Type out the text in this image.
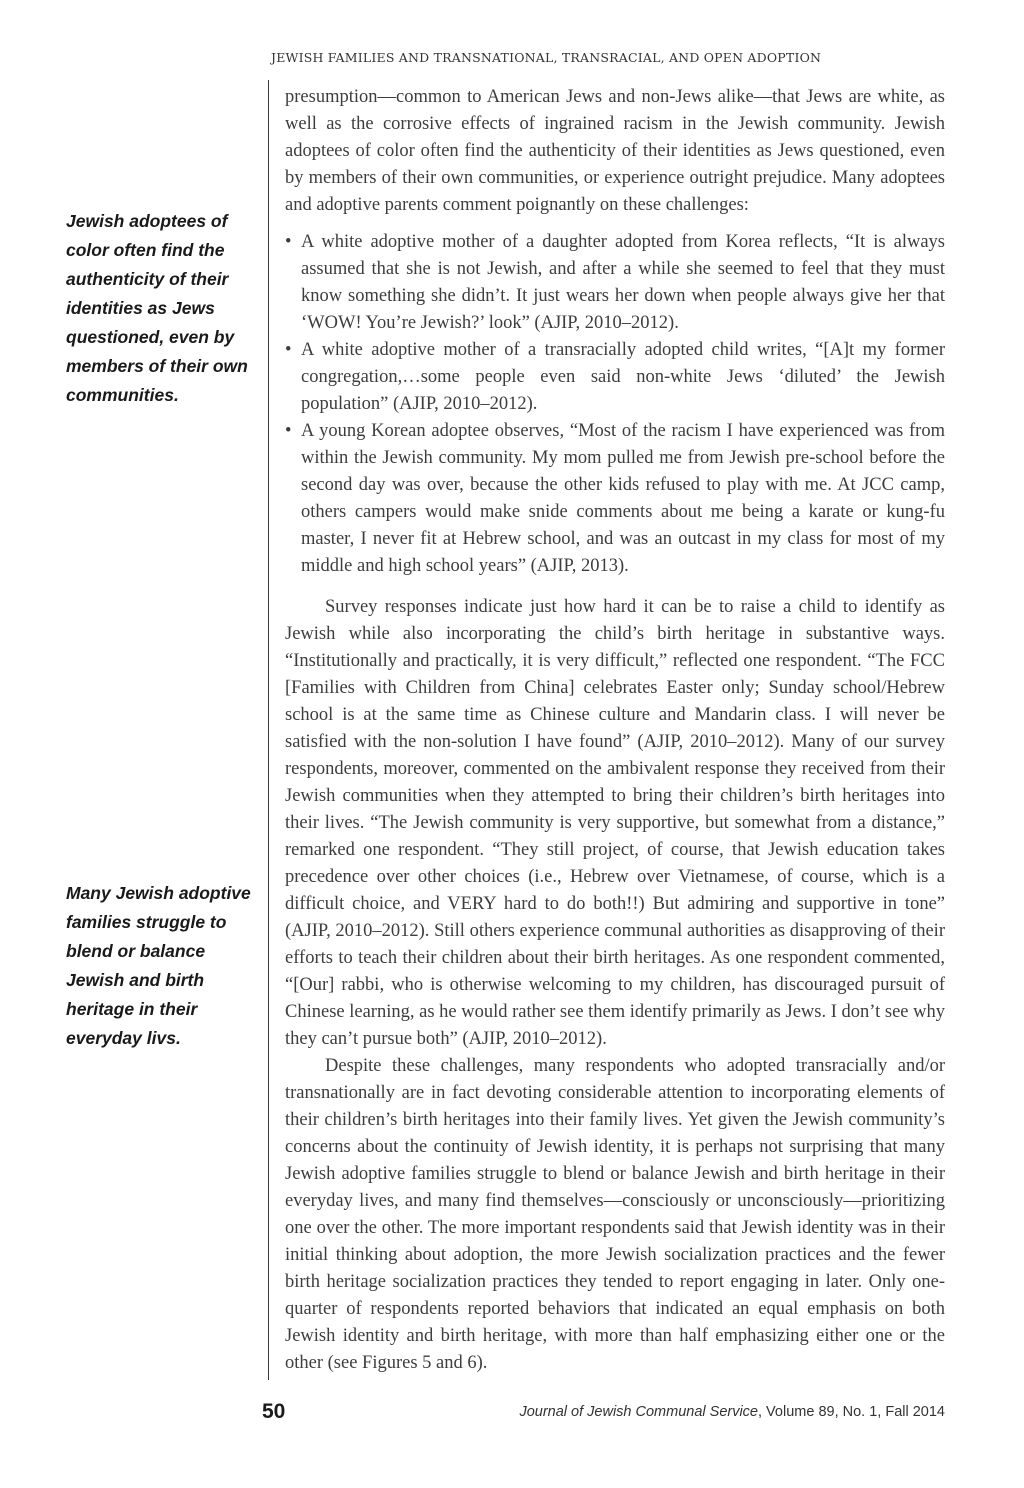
JEWISH FAMILIES AND TRANSNATIONAL, TRANSRACIAL, AND OPEN ADOPTION
Jewish adoptees of color often find the authenticity of their identities as Jews questioned, even by members of their own communities.
Many Jewish adoptive families struggle to blend or balance Jewish and birth heritage in their everyday livs.

presumption—common to American Jews and non-Jews alike—that Jews are white, as well as the corrosive effects of ingrained racism in the Jewish community. Jewish adoptees of color often find the authenticity of their identities as Jews questioned, even by members of their own communities, or experience outright prejudice. Many adoptees and adoptive parents comment poignantly on these challenges:

• A white adoptive mother of a daughter adopted from Korea reflects, “It is always assumed that she is not Jewish, and after a while she seemed to feel that they must know something she didn’t. It just wears her down when people always give her that ‘WOW! You’re Jewish?’ look” (AJIP, 2010–2012).
• A white adoptive mother of a transracially adopted child writes, “[A]t my former congregation,…some people even said non-white Jews ‘diluted’ the Jewish population” (AJIP, 2010–2012).
• A young Korean adoptee observes, “Most of the racism I have experienced was from within the Jewish community. My mom pulled me from Jewish pre-school before the second day was over, because the other kids refused to play with me. At JCC camp, others campers would make snide comments about me being a karate or kung-fu master, I never fit at Hebrew school, and was an outcast in my class for most of my middle and high school years” (AJIP, 2013).

Survey responses indicate just how hard it can be to raise a child to identify as Jewish while also incorporating the child’s birth heritage in substantive ways. “Institutionally and practically, it is very difficult,” reflected one respondent. “The FCC [Families with Children from China] celebrates Easter only; Sunday school/Hebrew school is at the same time as Chinese culture and Mandarin class. I will never be satisfied with the non-solution I have found” (AJIP, 2010–2012). Many of our survey respondents, moreover, commented on the ambivalent response they received from their Jewish communities when they attempted to bring their children’s birth heritages into their lives. “The Jewish community is very supportive, but somewhat from a distance,” remarked one respondent. “They still project, of course, that Jewish education takes precedence over other choices (i.e., Hebrew over Vietnamese, of course, which is a difficult choice, and VERY hard to do both!!) But admiring and supportive in tone” (AJIP, 2010–2012). Still others experience communal authorities as disapproving of their efforts to teach their children about their birth heritages. As one respondent commented, “[Our] rabbi, who is otherwise welcoming to my children, has discouraged pursuit of Chinese learning, as he would rather see them identify primarily as Jews. I don’t see why they can’t pursue both” (AJIP, 2010–2012).

Despite these challenges, many respondents who adopted transracially and/or transnationally are in fact devoting considerable attention to incorporating elements of their children’s birth heritages into their family lives. Yet given the Jewish community’s concerns about the continuity of Jewish identity, it is perhaps not surprising that many Jewish adoptive families struggle to blend or balance Jewish and birth heritage in their everyday lives, and many find themselves—consciously or unconsciously—prioritizing one over the other. The more important respondents said that Jewish identity was in their initial thinking about adoption, the more Jewish socialization practices and the fewer birth heritage socialization practices they tended to report engaging in later. Only one-quarter of respondents reported behaviors that indicated an equal emphasis on both Jewish identity and birth heritage, with more than half emphasizing either one or the other (see Figures 5 and 6).

50	Journal of Jewish Communal Service, Volume 89, No. 1, Fall 2014
